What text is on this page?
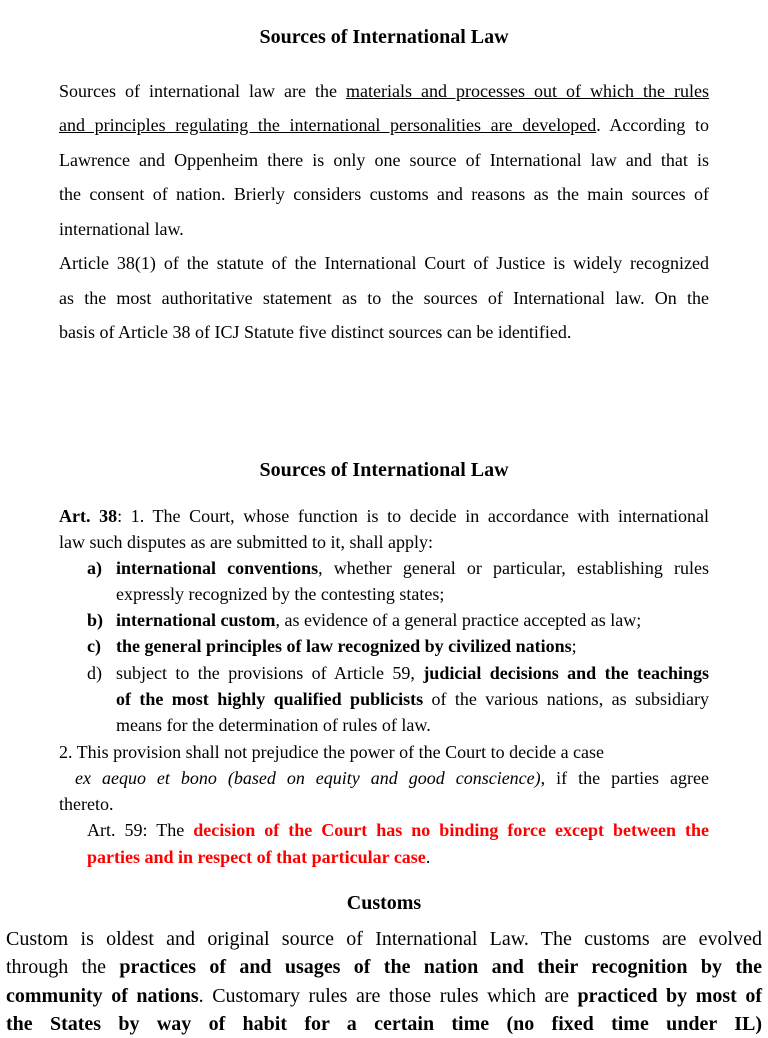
Sources of International Law
Sources of international law are the materials and processes out of which the rules
and principles regulating the international personalities are developed. According to
Lawrence and Oppenheim there is only one source of International law and that is
the consent of nation. Brierly considers customs and reasons as the main sources of
international law.
Article 38(1) of the statute of the International Court of Justice is widely recognized
as the most authoritative statement as to the sources of International law. On the
basis of Article 38 of ICJ Statute five distinct sources can be identified.
Sources of International Law
Art. 38: 1. The Court, whose function is to decide in accordance with international
law such disputes as are submitted to it, shall apply:
a) international conventions, whether general or particular, establishing rules
expressly recognized by the contesting states;
b) international custom, as evidence of a general practice accepted as law;
c) the general principles of law recognized by civilized nations;
d) subject to the provisions of Article 59, judicial decisions and the teachings
of the most highly qualified publicists of the various nations, as subsidiary
means for the determination of rules of law.
2. This provision shall not prejudice the power of the Court to decide a case
ex aequo et bono (based on equity and good conscience), if the parties agree
thereto.
Art. 59: The decision of the Court has no binding force except between the
parties and in respect of that particular case.
Customs
Custom is oldest and original source of International Law. The customs are evolved
through the practices of and usages of the nation and their recognition by the
community of nations. Customary rules are those rules which are practiced by most of
the States by way of habit for a certain time (no fixed time under IL)
